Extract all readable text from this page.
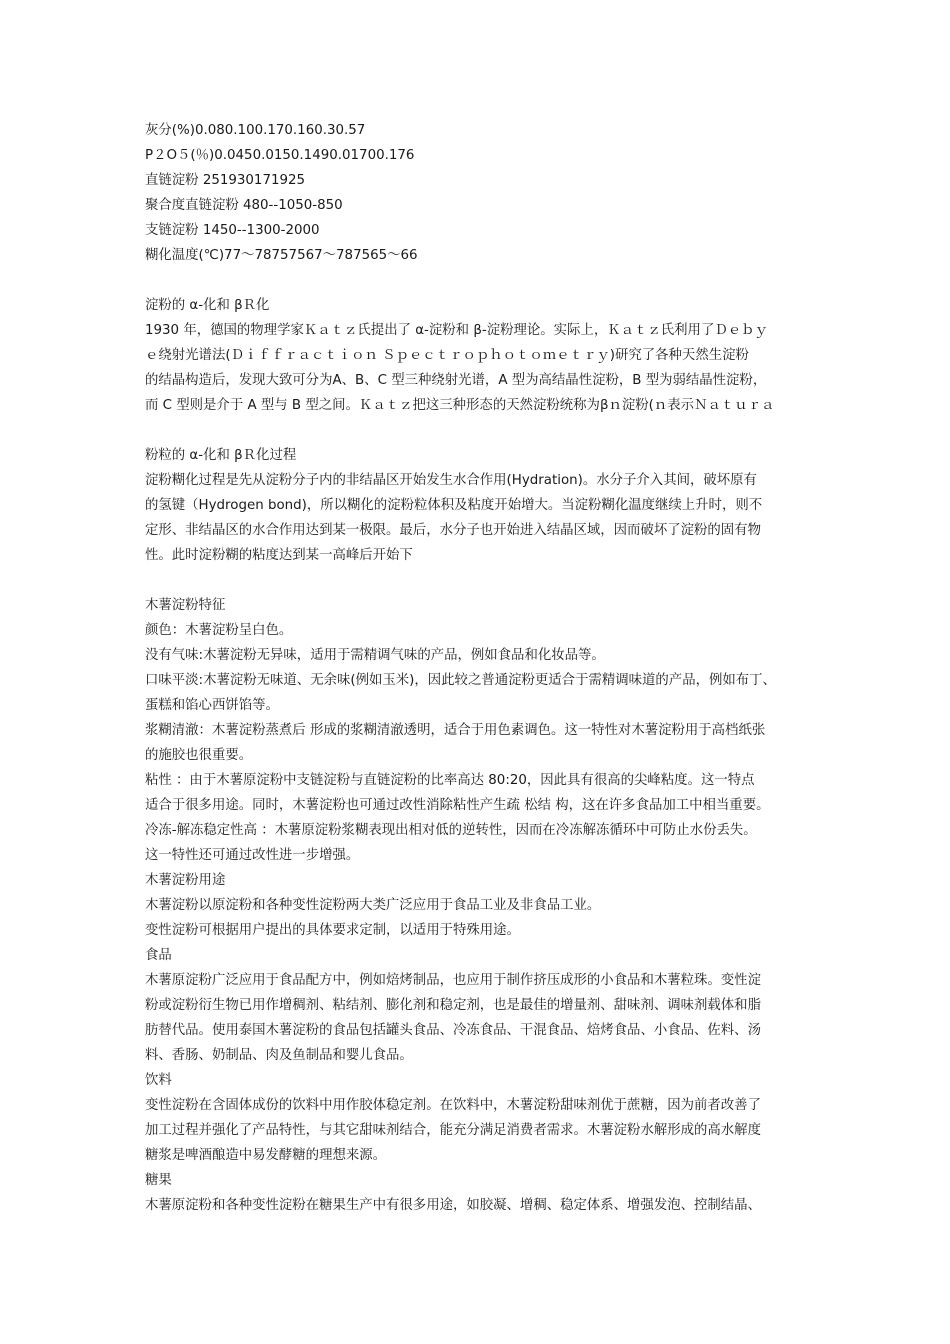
灰分(%)0.080.100.170.160.30.57
P２O５(％)0.0450.0150.1490.01700.176
直链淀粉 251930171925
聚合度直链淀粉 480--1050-850
支链淀粉 1450--1300-2000
糊化温度(℃)77～78757567～787565～66
淀粉的 α-化和 βＲ化
1930 年，德国的物理学家Ｋａｔｚ氏提出了 α-淀粉和 β-淀粉理论。实际上，Ｋａｔｚ氏利用了Ｄｅｂｙ
ｅ绕射光谱法(Ｄｉｆｆｒａｃｔｉｏｎ Ｓｐｅｃｔｒｏｐｈｏｔｏｍｅｔｒｙ)研究了各种天然生淀粉
的结晶构造后，发现大致可分为A、B、C 型三种绕射光谱，A 型为高结晶性淀粉，B 型为弱结晶性淀粉，
而 C 型则是介于 A 型与 B 型之间。Ｋａｔｚ把这三种形态的天然淀粉统称为βｎ淀粉(ｎ表示Ｎａｔｕｒａ
粉粒的 α-化和 βＲ化过程
淀粉糊化过程是先从淀粉分子内的非结晶区开始发生水合作用(Hydration)。水分子介入其间，破坏原有
的氢键（Hydrogen bond)，所以糊化的淀粉粒体积及粘度开始增大。当淀粉糊化温度继续上升时，则不
定形、非结晶区的水合作用达到某一极限。最后，水分子也开始进入结晶区域，因而破坏了淀粉的固有物
性。此时淀粉糊的粘度达到某一高峰后开始下
木薯淀粉特征
颜色：木薯淀粉呈白色。
没有气味:木薯淀粉无异味，适用于需精调气味的产品，例如食品和化妆品等。
口味平淡:木薯淀粉无味道、无余味(例如玉米)，因此较之普通淀粉更适合于需精调味道的产品，例如布丁、
蛋糕和馅心西饼馅等。
浆糊清澈：木薯淀粉蒸煮后 形成的浆糊清澈透明，适合于用色素调色。这一特性对木薯淀粉用于高档纸张
的施胶也很重要。
粘性 ：由于木薯原淀粉中支链淀粉与直链淀粉的比率高达 80:20，因此具有很高的尖峰粘度。这一特点
适合于很多用途。同时，木薯淀粉也可通过改性消除粘性产生疏 松结 构，这在许多食品加工中相当重要。
冷冻-解冻稳定性高 ：木薯原淀粉浆糊表现出相对低的逆转性，因而在冷冻解冻循环中可防止水份丢失。
这一特性还可通过改性进一步增强。
木薯淀粉用途
木薯淀粉以原淀粉和各种变性淀粉两大类广泛应用于食品工业及非食品工业。
变性淀粉可根据用户提出的具体要求定制，以适用于特殊用途。
食品
木薯原淀粉广泛应用于食品配方中，例如焙烤制品，也应用于制作挤压成形的小食品和木薯粒珠。变性淀
粉或淀粉衍生物已用作增稠剂、粘结剂、膨化剂和稳定剂，也是最佳的增量剂、甜味剂、调味剂载体和脂
肪替代品。使用泰国木薯淀粉的食品包括罐头食品、冷冻食品、干混食品、焙烤食品、小食品、佐料、汤
料、香肠、奶制品、肉及鱼制品和婴儿食品。
饮料
变性淀粉在含固体成份的饮料中用作胶体稳定剂。在饮料中，木薯淀粉甜味剂优于蔗糖，因为前者改善了
加工过程并强化了产品特性，与其它甜味剂结合，能充分满足消费者需求。木薯淀粉水解形成的高水解度
糖浆是啤酒酿造中易发酵糖的理想来源。
糖果
木薯原淀粉和各种变性淀粉在糖果生产中有很多用途，如胶凝、增稠、稳定体系、增强发泡、控制结晶、
